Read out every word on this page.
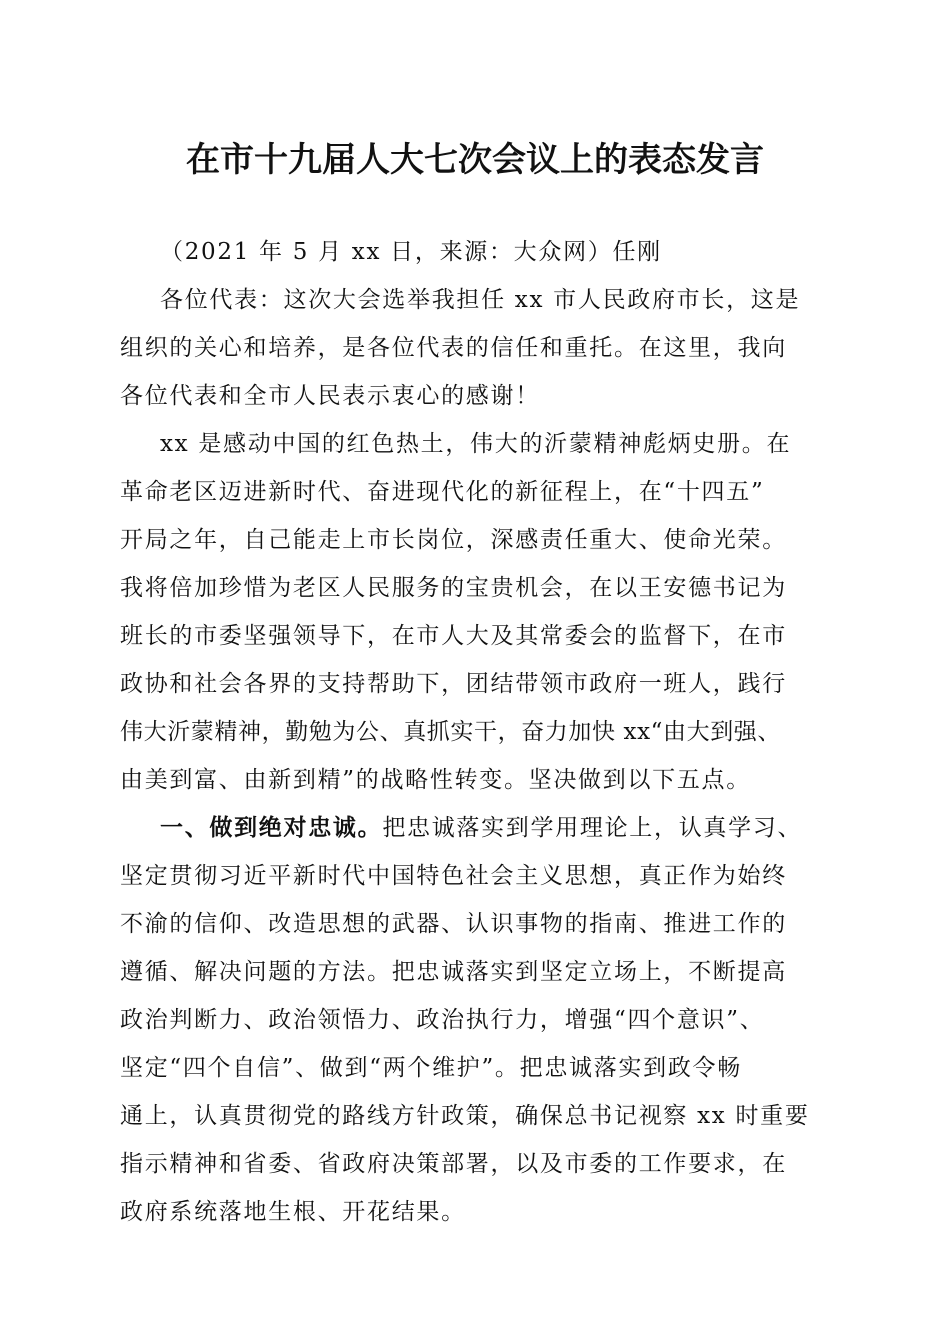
在市十九届人大七次会议上的表态发言
（2021 年 5 月 xx 日，来源：大众网）任刚
各位代表：这次大会选举我担任 xx 市人民政府市长，这是
组织的关心和培养，是各位代表的信任和重托。在这里，我向
各位代表和全市人民表示衷心的感谢！
xx 是感动中国的红色热土，伟大的沂蒙精神彪炳史册。在
革命老区迈进新时代、奋进现代化的新征程上，在“十四五”
开局之年，自己能走上市长岗位，深感责任重大、使命光荣。
我将倍加珍惜为老区人民服务的宝贵机会，在以王安德书记为
班长的市委坚强领导下，在市人大及其常委会的监督下，在市
政协和社会各界的支持帮助下，团结带领市政府一班人，践行
伟大沂蒙精神，勤勉为公、真抓实干，奋力加快 xx“由大到强、
由美到富、由新到精”的战略性转变。坚决做到以下五点。
一、做到绝对忠诚。把忠诚落实到学用理论上，认真学习、
坚定贯彻习近平新时代中国特色社会主义思想，真正作为始终
不渝的信仰、改造思想的武器、认识事物的指南、推进工作的
遵循、解决问题的方法。把忠诚落实到坚定立场上，不断提高
政治判断力、政治领悟力、政治执行力，增强“四个意识”、
坚定“四个自信”、做到“两个维护”。把忠诚落实到政令畅
通上，认真贯彻党的路线方针政策，确保总书记视察 xx 时重要
指示精神和省委、省政府决策部署，以及市委的工作要求，在
政府系统落地生根、开花结果。
